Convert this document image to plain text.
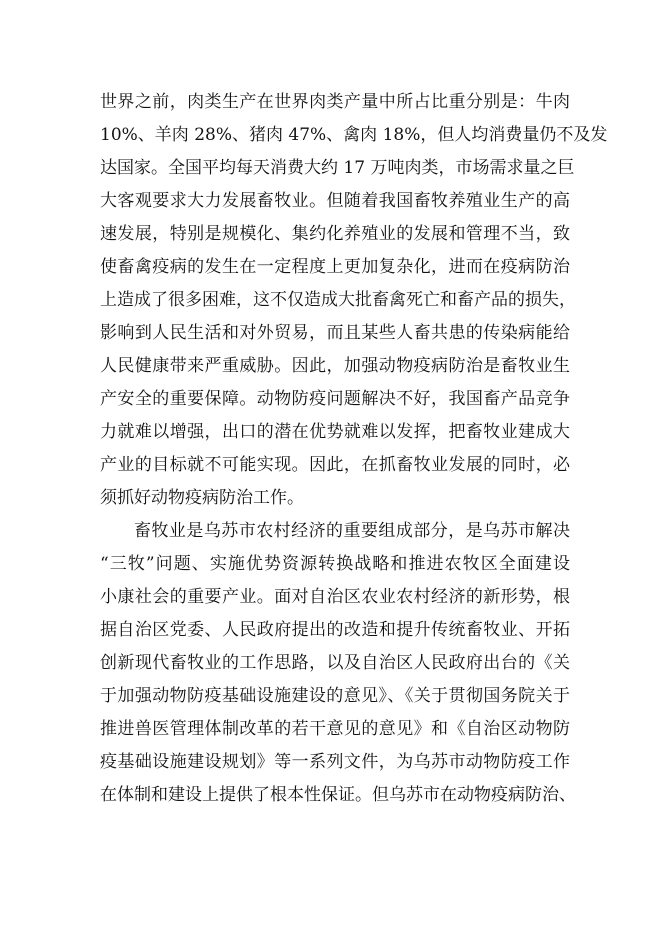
世界之前，肉类生产在世界肉类产量中所占比重分别是：牛肉
10%、羊肉 28%、猪肉 47%、禽肉 18%，但人均消费量仍不及发
达国家。全国平均每天消费大约 17 万吨肉类，市场需求量之巨
大客观要求大力发展畜牧业。但随着我国畜牧养殖业生产的高
速发展，特别是规模化、集约化养殖业的发展和管理不当，致
使畜禽疫病的发生在一定程度上更加复杂化，进而在疫病防治
上造成了很多困难，这不仅造成大批畜禽死亡和畜产品的损失，
影响到人民生活和对外贸易，而且某些人畜共患的传染病能给
人民健康带来严重威胁。因此，加强动物疫病防治是畜牧业生
产安全的重要保障。动物防疫问题解决不好，我国畜产品竞争
力就难以增强，出口的潜在优势就难以发挥，把畜牧业建成大
产业的目标就不可能实现。因此，在抓畜牧业发展的同时，必
须抓好动物疫病防治工作。
畜牧业是乌苏市农村经济的重要组成部分，是乌苏市解决
“三牧”问题、实施优势资源转换战略和推进农牧区全面建设
小康社会的重要产业。面对自治区农业农村经济的新形势，根
据自治区党委、人民政府提出的改造和提升传统畜牧业、开拓
创新现代畜牧业的工作思路，以及自治区人民政府出台的《关
于加强动物防疫基础设施建设的意见》、《关于贯彻国务院关于
推进兽医管理体制改革的若干意见的意见》和《自治区动物防
疫基础设施建设规划》等一系列文件，为乌苏市动物防疫工作
在体制和建设上提供了根本性保证。但乌苏市在动物疫病防治、
